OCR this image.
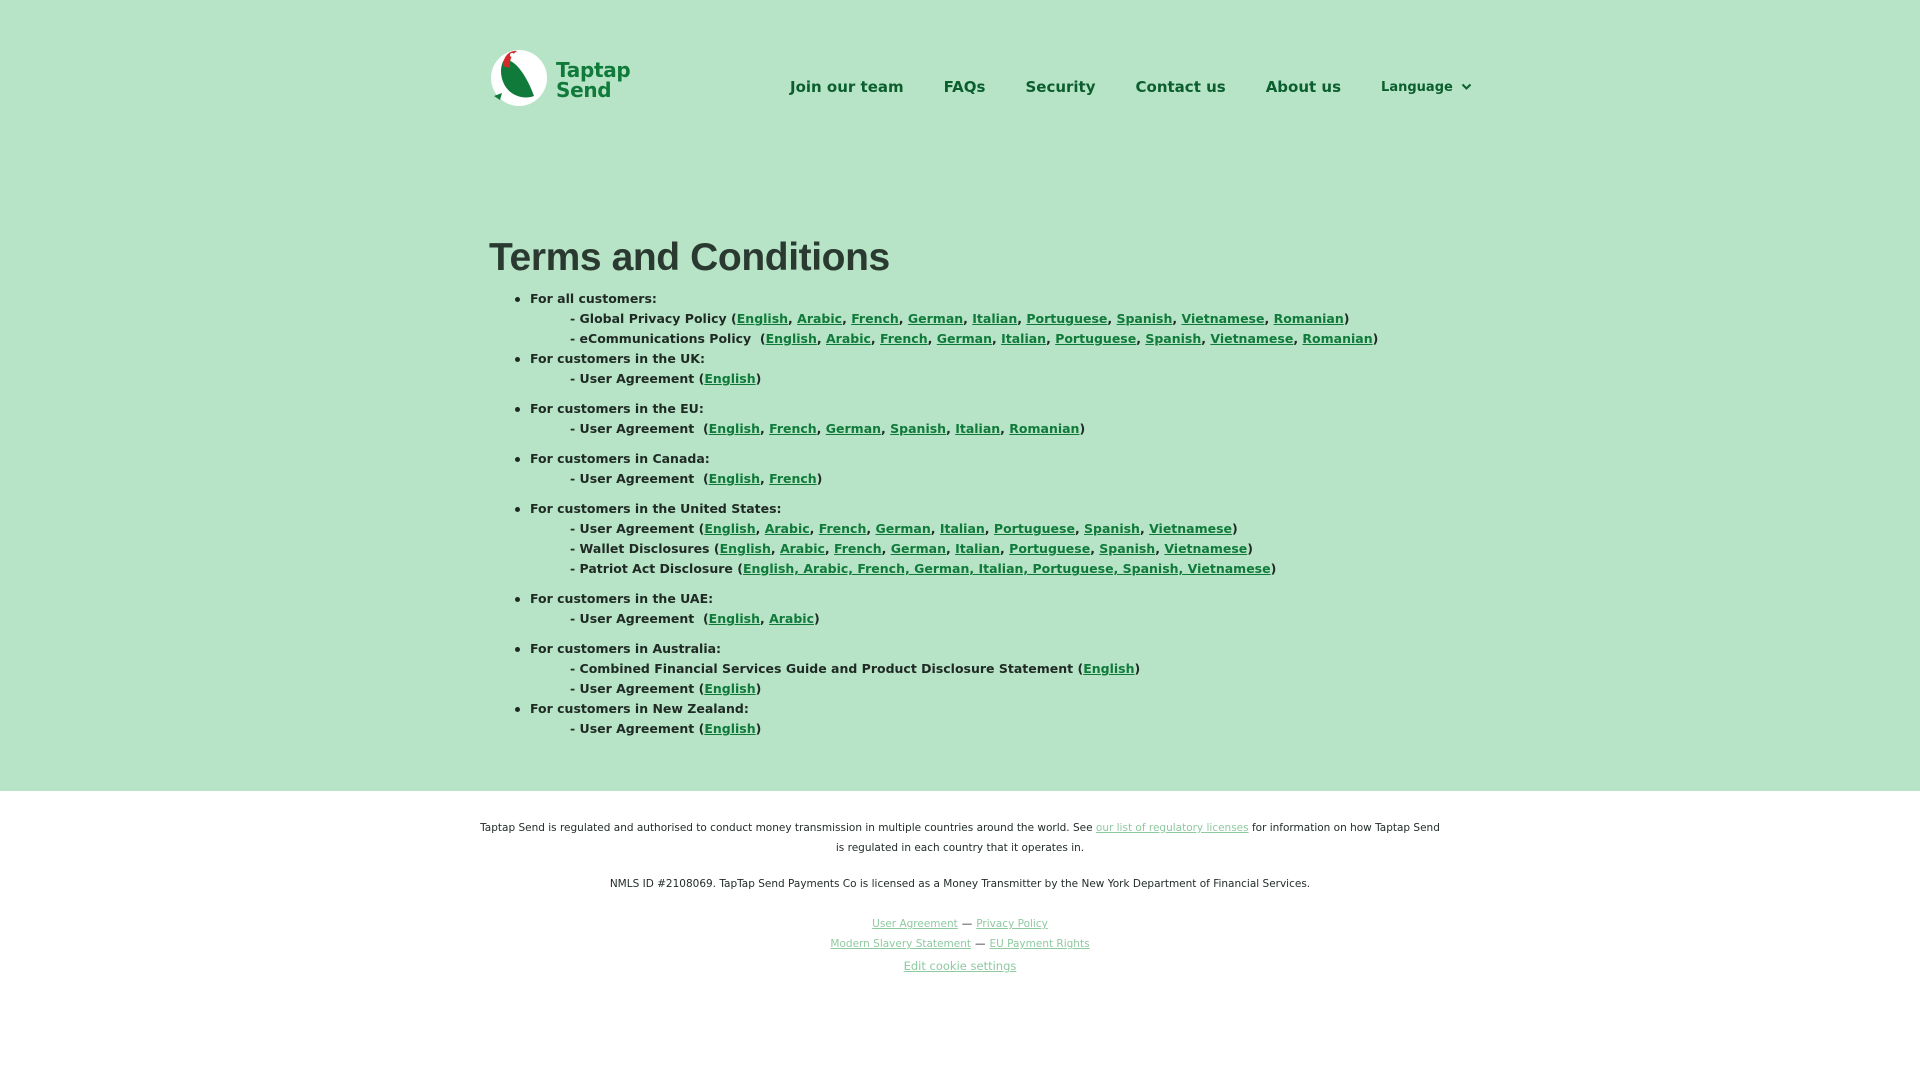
Taptap
Send	Join our team	FAQs	Security	Contact us	About us	Language
Terms and Conditions
For all customers:
- Global Privacy Policy (English, Arabic, French, German, Italian, Portuguese, Spanish, Vietnamese, Romanian)
- eCommunications Policy  (English, Arabic, French, German, Italian, Portuguese, Spanish, Vietnamese, Romanian)
For customers in the UK:
- User Agreement (English)
For customers in the EU:
- User Agreement  (English, French, German, Spanish, Italian, Romanian)
For customers in Canada:
- User Agreement  (English, French)
For customers in the United States:
- User Agreement (English, Arabic, French, German, Italian, Portuguese, Spanish, Vietnamese)
- Wallet Disclosures (English, Arabic, French, German, Italian, Portuguese, Spanish, Vietnamese)
- Patriot Act Disclosure (English, Arabic, French, German, Italian, Portuguese, Spanish, Vietnamese)
For customers in the UAE:
- User Agreement  (English, Arabic)
For customers in Australia:
- Combined Financial Services Guide and Product Disclosure Statement (English)
- User Agreement (English)
For customers in New Zealand:
- User Agreement (English)

Taptap Send is regulated and authorised to conduct money transmission in multiple countries around the world. See our list of regulatory licenses for information on how Taptap Send is regulated in each country that it operates in.

NMLS ID #2108069. TapTap Send Payments Co is licensed as a Money Transmitter by the New York Department of Financial Services.

User Agreement — Privacy Policy
Modern Slavery Statement — EU Payment Rights
Edit cookie settings
